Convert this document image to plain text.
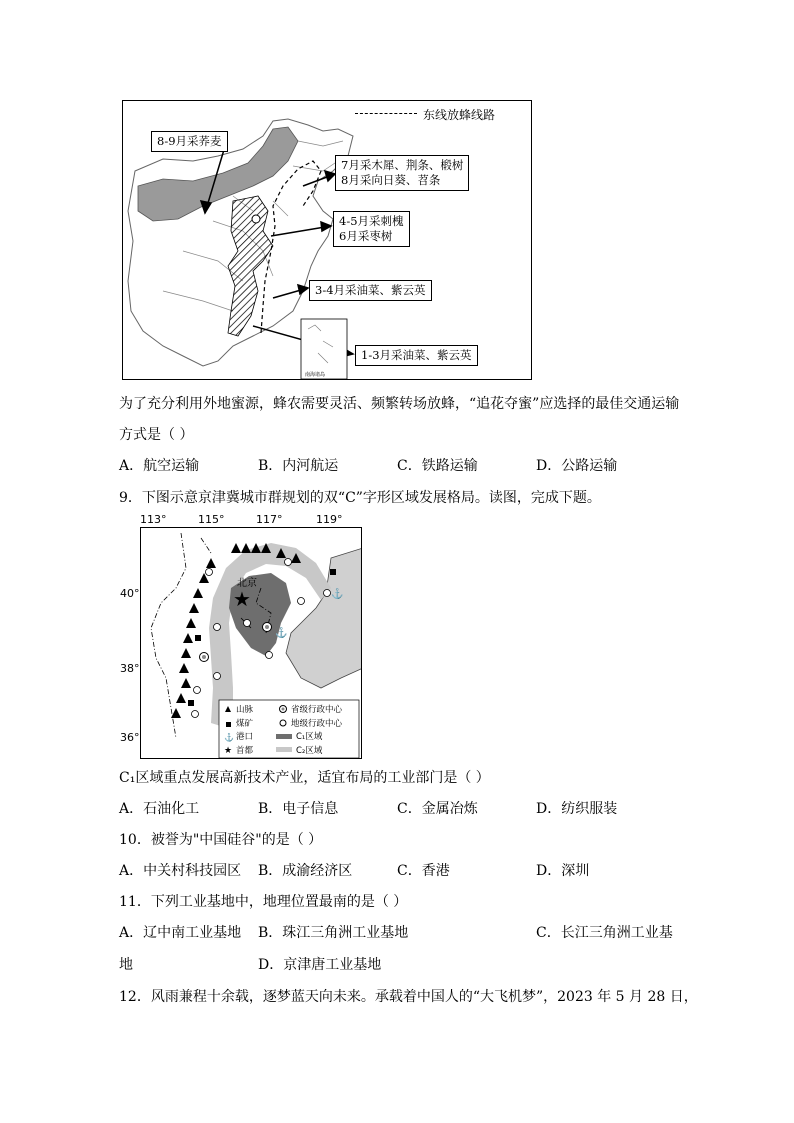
南海诸岛
东线放蜂线路
8-9月采荞麦
7月采木犀、荆条、椴树
8月采向日葵、苕条
4-5月采刺槐
6月采枣树
3-4月采油菜、紫云英
1-3月采油菜、紫云英
为了充分利用外地蜜源，蜂农需要灵活、频繁转场放蜂，“追花夺蜜”应选择的最佳交通运输
方式是（ ）
A．航空运输	B．内河航运	C．铁路运输	D．公路运输
9．下图示意京津冀城市群规划的双“C”字形区域发展格局。读图，完成下题。
113°	115°	117°	119°
40°
38°
36°
⚓
⚓
★
北京
⚓
★
山脉	省级行政中心
煤矿	地级行政中心
港口	C₁区域
首都	C₂区域
C₁区域重点发展高新技术产业，适宜布局的工业部门是（ ）
A．石油化工	B．电子信息	C．金属冶炼	D．纺织服装
10．被誉为"中国硅谷"的是（ ）
A．中关村科技园区 B．成渝经济区	C．香港	D．深圳
11．下列工业基地中，地理位置最南的是（ ）
A．辽中南工业基地 B．珠江三角洲工业基地	C．长江三角洲工业基
地	D．京津唐工业基地
12．风雨兼程十余载，逐梦蓝天向未来。承载着中国人的“大飞机梦”，2023 年 5 月 28 日，
